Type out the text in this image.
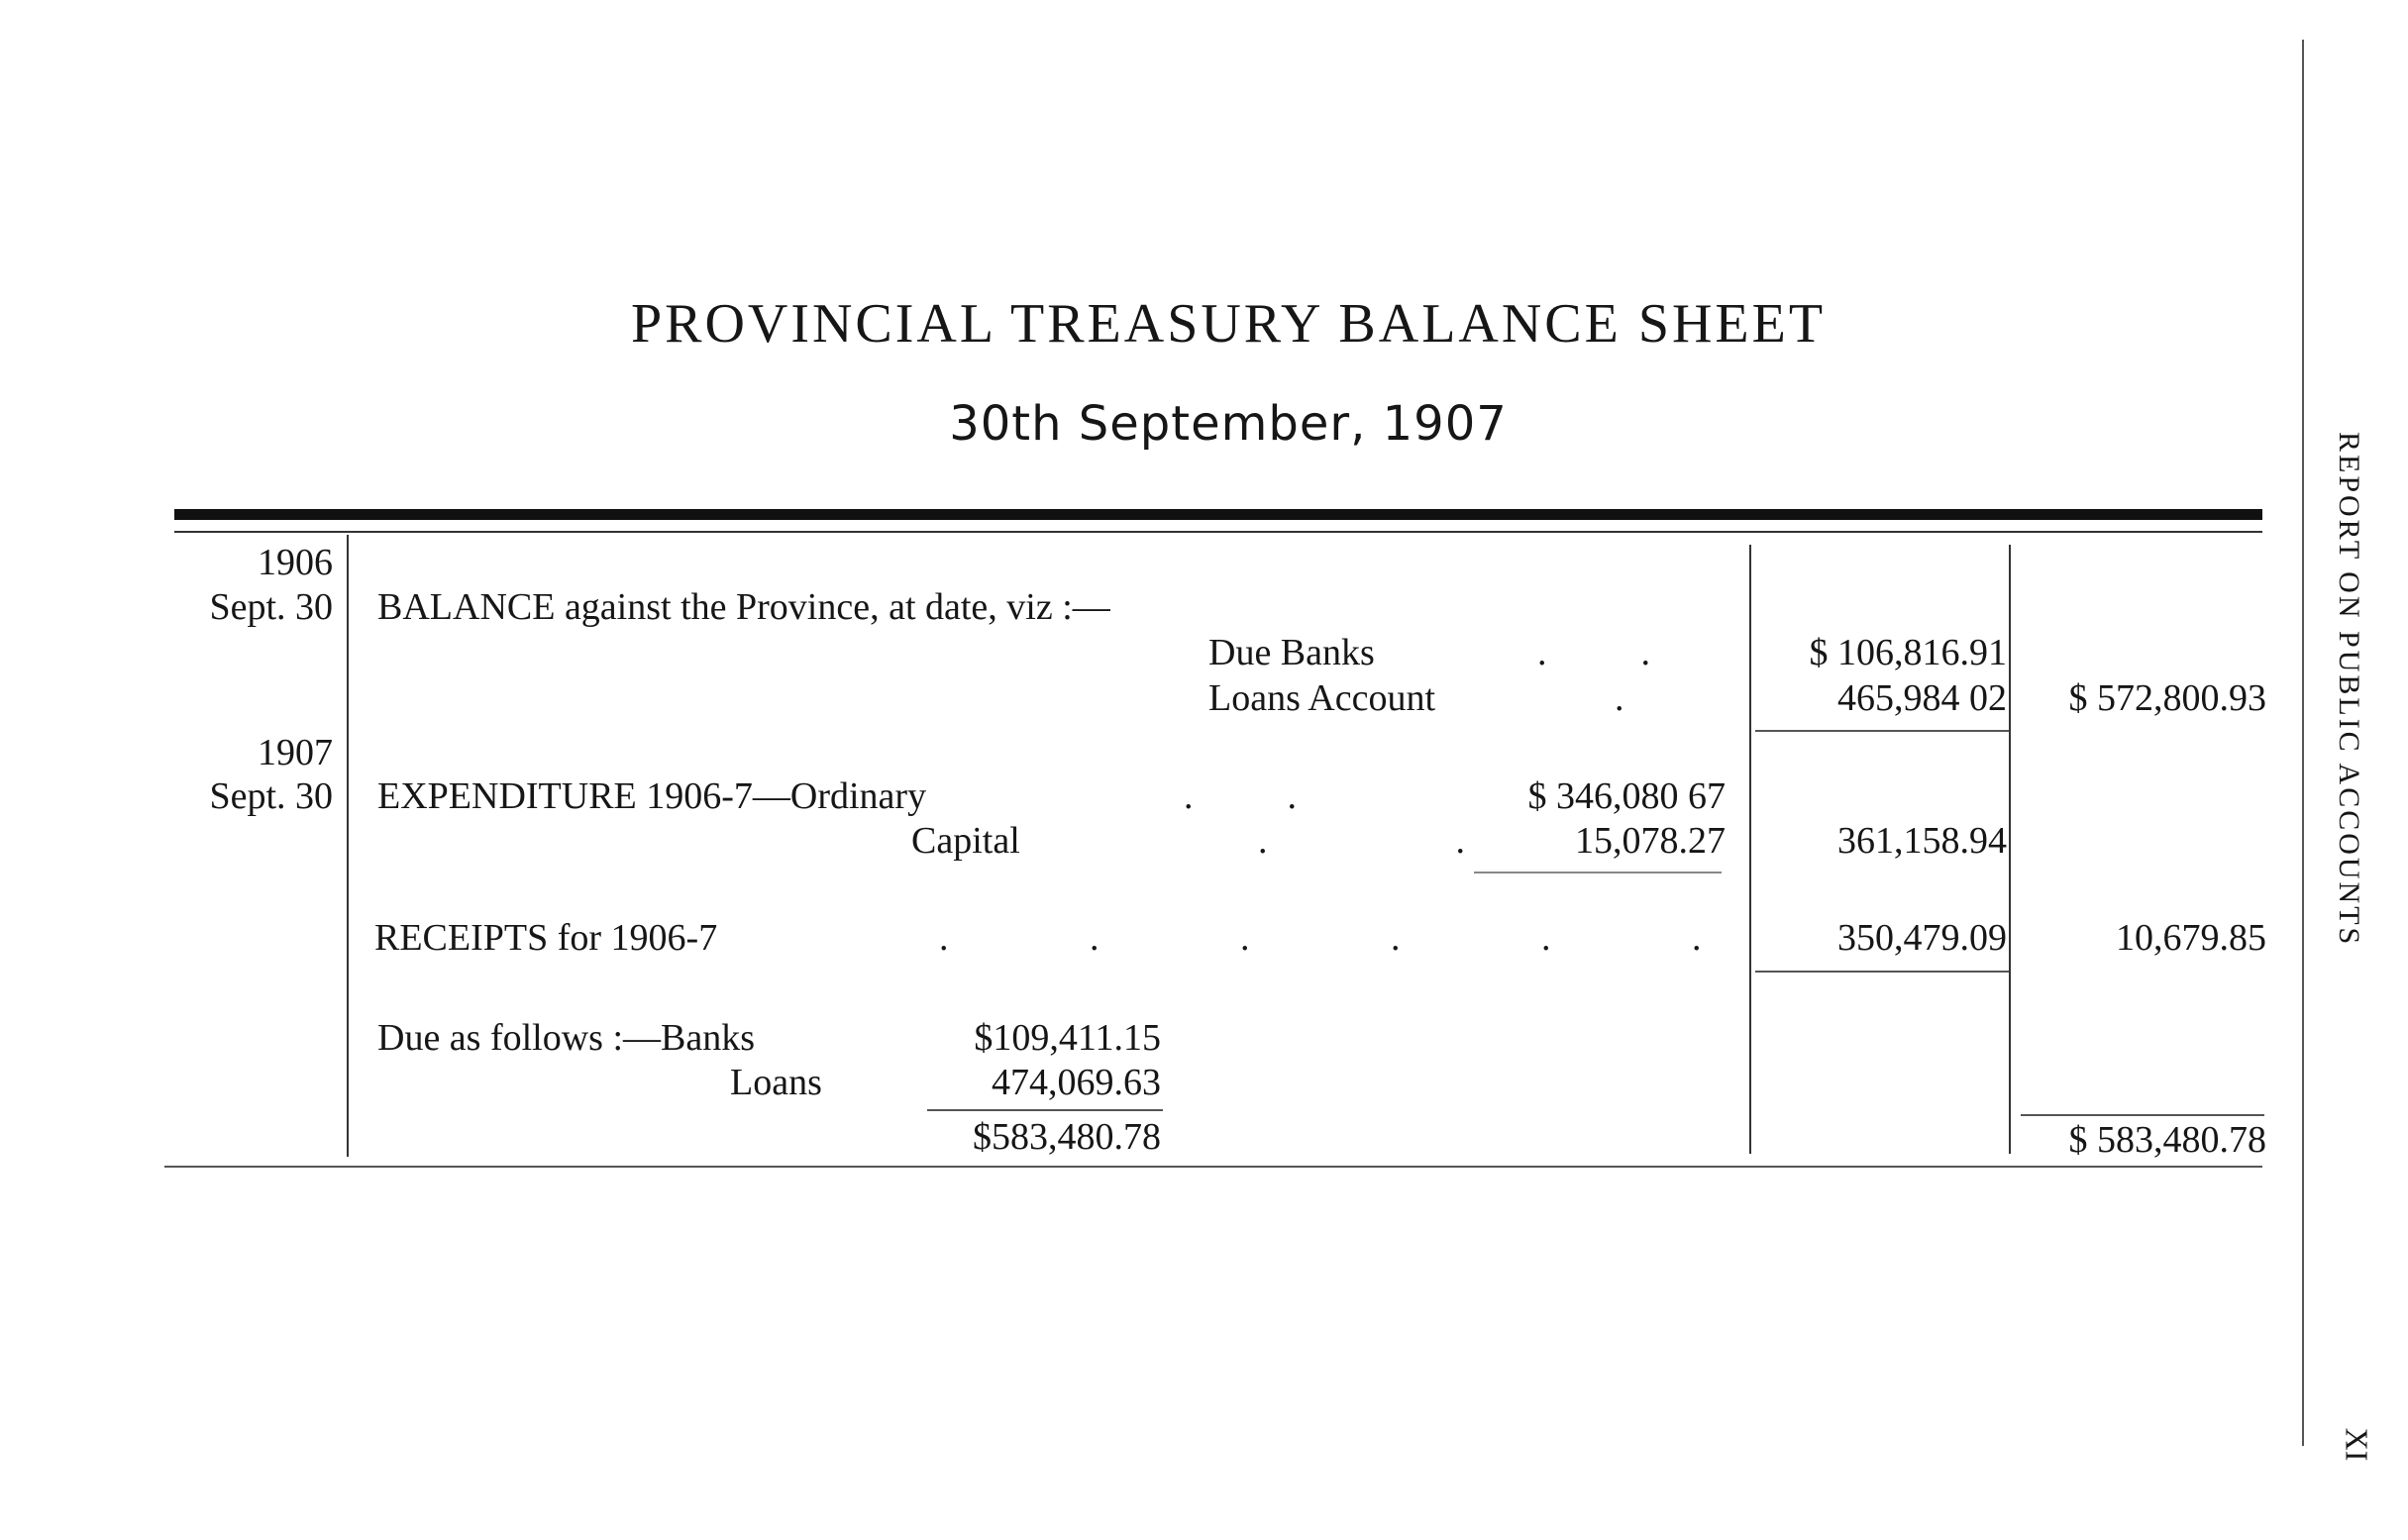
PROVINCIAL TREASURY BALANCE SHEET
30th September, 1907
REPORT ON PUBLIC ACCOUNTS
XI
1906
Sept. 30 BALANCE against the Province, at date, viz :—
Due Banks	.          .	$ 106,816.91
Loans Account	.	465,984 02	$ 572,800.93
1907
Sept. 30 EXPENDITURE 1906-7—Ordinary	.          .	$ 346,080 67
Capital	.                    .	15,078.27	361,158.94
RECEIPTS for 1906-7	.               .               .               .               .               .	350,479.09	10,679.85
Due as follows :—Banks	$109,411.15
Loans	474,069.63
$583,480.78	$ 583,480.78
